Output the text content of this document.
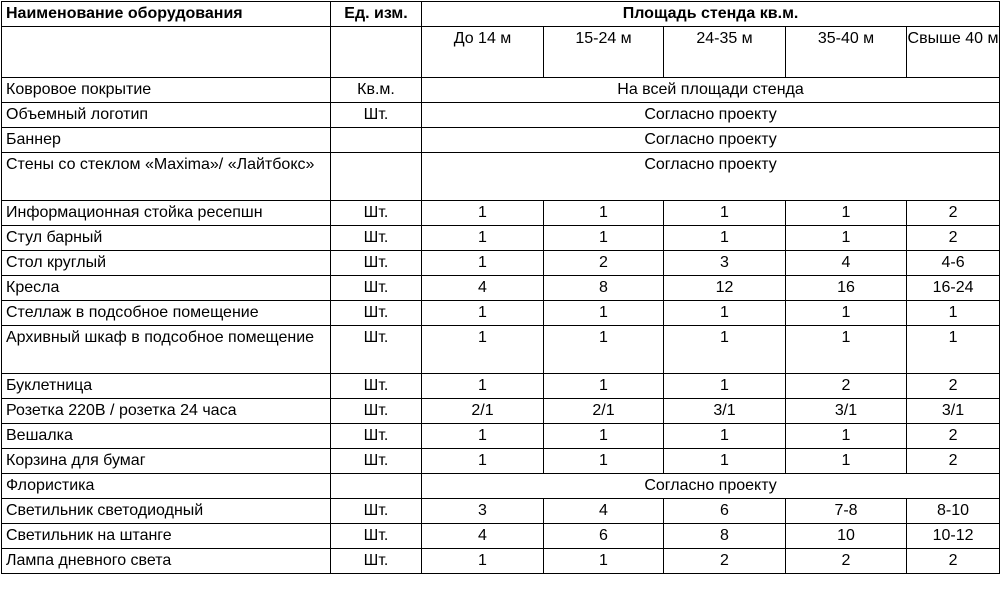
Наименование оборудования	Ед. изм.	Площадь стенда кв.м.				
		До 14 м	15-24 м	24-35 м	35-40 м	Свыше 40 м
Ковровое покрытие	Кв.м.	На всей площади стенда				
Объемный логотип	Шт.	Согласно проекту				
Баннер		Согласно проекту				
Стены со стеклом «Maxima»/ «Лайтбокс»		Согласно проекту				
Информационная стойка ресепшн	Шт.	1	1	1	1	2
Стул барный	Шт.	1	1	1	1	2
Стол круглый	Шт.	1	2	3	4	4-6
Кресла	Шт.	4	8	12	16	16-24
Стеллаж в подсобное помещение	Шт.	1	1	1	1	1
Архивный шкаф в подсобное помещение	Шт.	1	1	1	1	1
Буклетница	Шт.	1	1	1	2	2
Розетка 220В / розетка 24 часа	Шт.	2/1	2/1	3/1	3/1	3/1
Вешалка	Шт.	1	1	1	1	2
Корзина для бумаг	Шт.	1	1	1	1	2
Флористика		Согласно проекту				
Светильник светодиодный	Шт.	3	4	6	7-8	8-10
Светильник на штанге	Шт.	4	6	8	10	10-12
Лампа дневного света	Шт.	1	1	2	2	2
